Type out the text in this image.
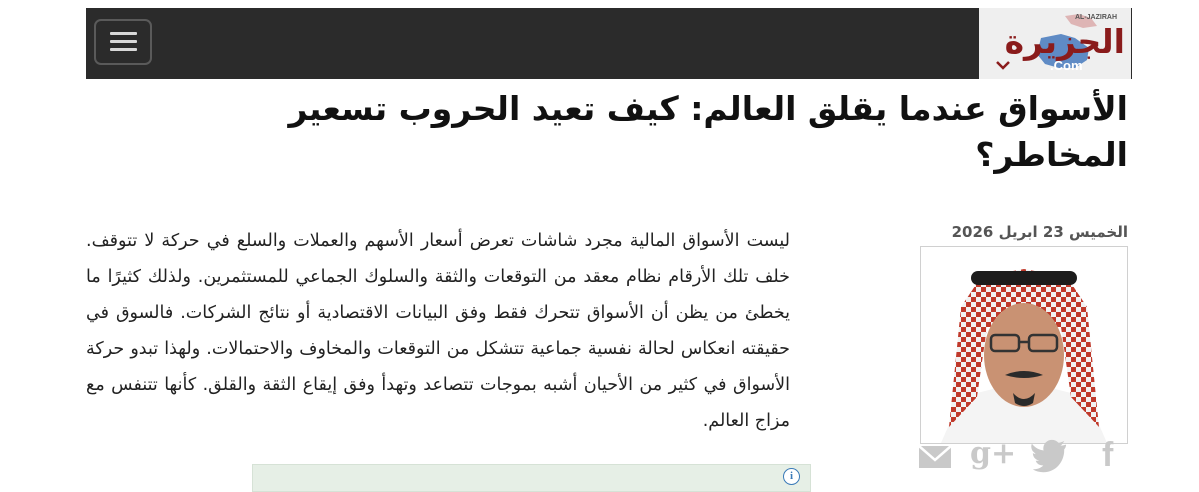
AL-JAZIRAH
الجزيرة
.Com
الأسواق عندما يقلق العالم: كيف تعيد الحروب تسعير المخاطر؟
الخميس 23 ابريل 2026
g+	f

ليست الأسواق المالية مجرد شاشات تعرض أسعار الأسهم والعملات والسلع في حركة لا تتوقف. خلف تلك الأرقام نظام معقد من التوقعات والثقة والسلوك الجماعي للمستثمرين. ولذلك كثيرًا ما يخطئ من يظن أن الأسواق تتحرك فقط وفق البيانات الاقتصادية أو نتائج الشركات. فالسوق في حقيقته انعكاس لحالة نفسية جماعية تتشكل من التوقعات والمخاوف والاحتمالات. ولهذا تبدو حركة الأسواق في كثير من الأحيان أشبه بموجات تتصاعد وتهدأ وفق إيقاع الثقة والقلق. كأنها تتنفس مع مزاج العالم.

i
